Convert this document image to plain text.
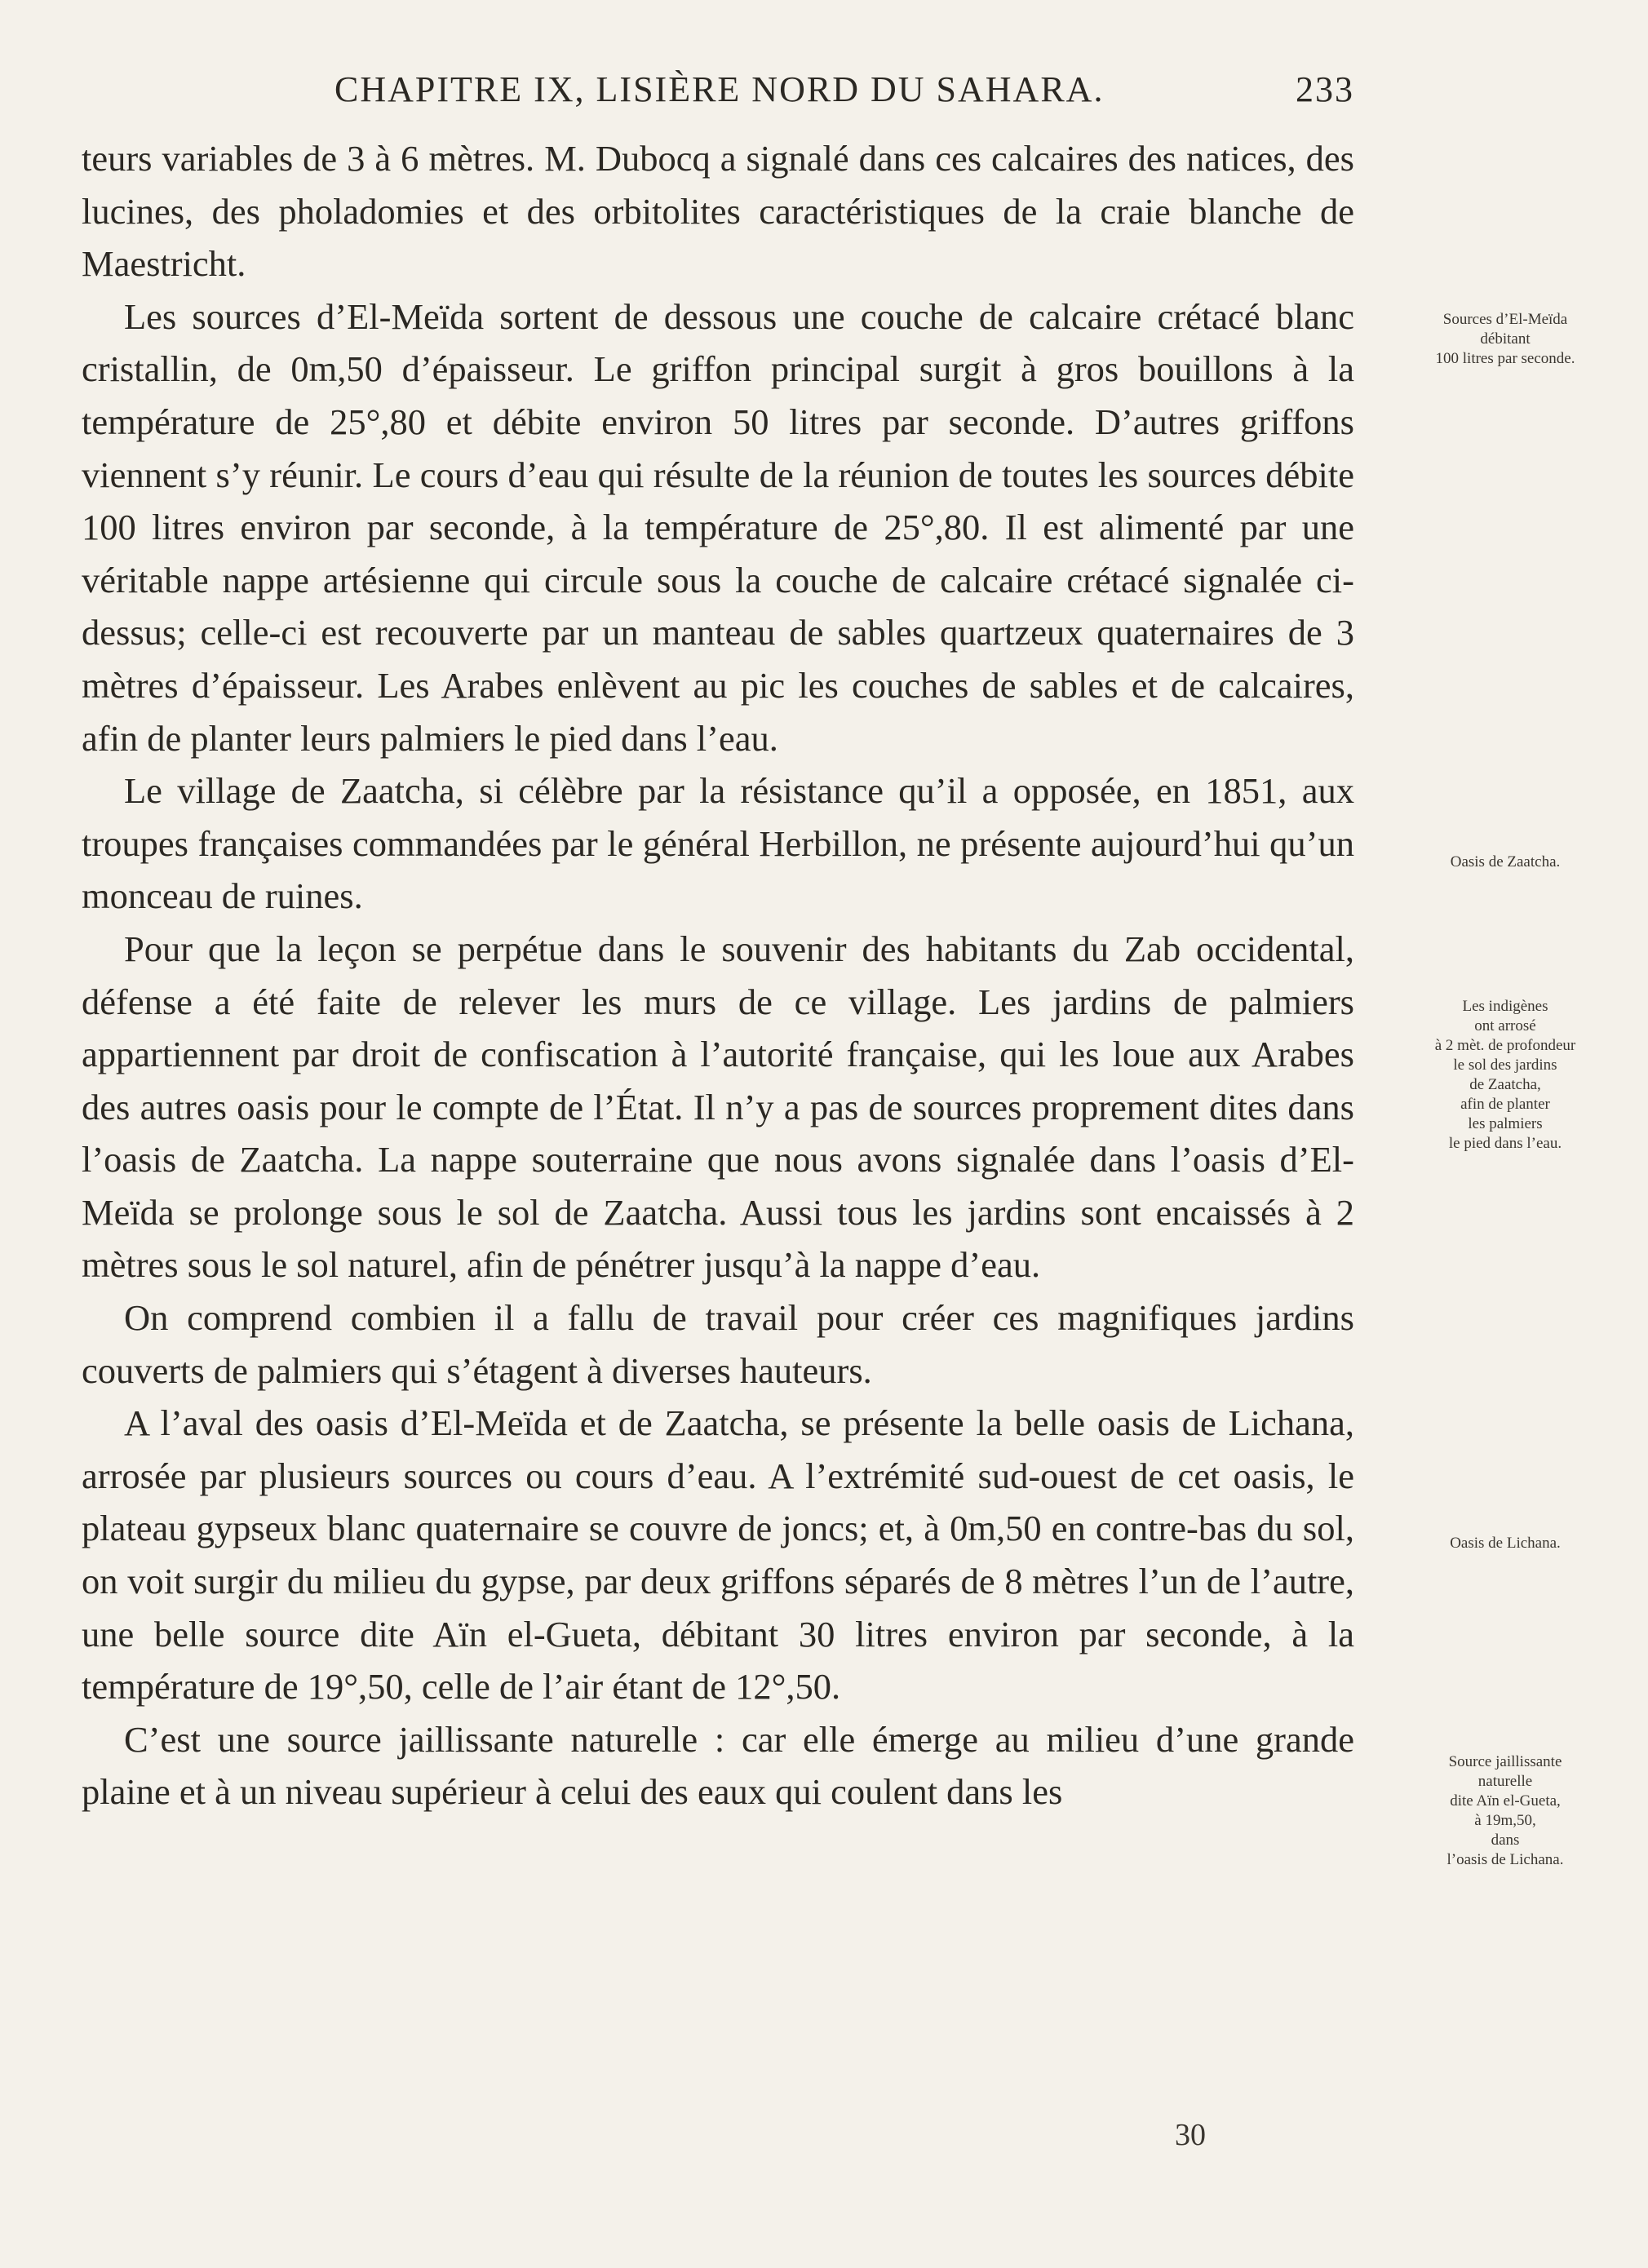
CHAPITRE IX, LISIÈRE NORD DU SAHARA.	233

teurs variables de 3 à 6 mètres. M. Dubocq a signalé dans ces calcaires des natices, des lucines, des pholadomies et des orbitolites caractéristiques de la craie blanche de Maestricht.

Les sources d’El-Meïda sortent de dessous une couche de calcaire crétacé blanc cristallin, de 0m,50 d’épaisseur. Le griffon principal surgit à gros bouillons à la température de 25°,80 et débite environ 50 litres par seconde. D’autres griffons viennent s’y réunir. Le cours d’eau qui résulte de la réunion de toutes les sources débite 100 litres environ par seconde, à la température de 25°,80. Il est alimenté par une véritable nappe artésienne qui circule sous la couche de calcaire crétacé signalée ci-dessus; celle-ci est recouverte par un manteau de sables quartzeux quaternaires de 3 mètres d’épaisseur. Les Arabes enlèvent au pic les couches de sables et de calcaires, afin de planter leurs palmiers le pied dans l’eau.

Le village de Zaatcha, si célèbre par la résistance qu’il a opposée, en 1851, aux troupes françaises commandées par le général Herbillon, ne présente aujourd’hui qu’un monceau de ruines.

Pour que la leçon se perpétue dans le souvenir des habitants du Zab occidental, défense a été faite de relever les murs de ce village. Les jardins de palmiers appartiennent par droit de confiscation à l’autorité française, qui les loue aux Arabes des autres oasis pour le compte de l’État. Il n’y a pas de sources proprement dites dans l’oasis de Zaatcha. La nappe souterraine que nous avons signalée dans l’oasis d’El-Meïda se prolonge sous le sol de Zaatcha. Aussi tous les jardins sont encaissés à 2 mètres sous le sol naturel, afin de pénétrer jusqu’à la nappe d’eau.

On comprend combien il a fallu de travail pour créer ces magnifiques jardins couverts de palmiers qui s’étagent à diverses hauteurs.

A l’aval des oasis d’El-Meïda et de Zaatcha, se présente la belle oasis de Lichana, arrosée par plusieurs sources ou cours d’eau. A l’extrémité sud-ouest de cet oasis, le plateau gypseux blanc quaternaire se couvre de joncs; et, à 0m,50 en contre-bas du sol, on voit surgir du milieu du gypse, par deux griffons séparés de 8 mètres l’un de l’autre, une belle source dite Aïn el-Gueta, débitant 30 litres environ par seconde, à la température de 19°,50, celle de l’air étant de 12°,50.

C’est une source jaillissante naturelle : car elle émerge au milieu d’une grande plaine et à un niveau supérieur à celui des eaux qui coulent dans les

Sources d’El-Meïda
débitant
100 litres par seconde.
Oasis de Zaatcha.
Les indigènes
ont arrosé
à 2 mèt. de profondeur
le sol des jardins
de Zaatcha,
afin de planter
les palmiers
le pied dans l’eau.
Oasis de Lichana.
Source jaillissante
naturelle
dite Aïn el-Gueta,
à 19m,50,
dans
l’oasis de Lichana.
30
